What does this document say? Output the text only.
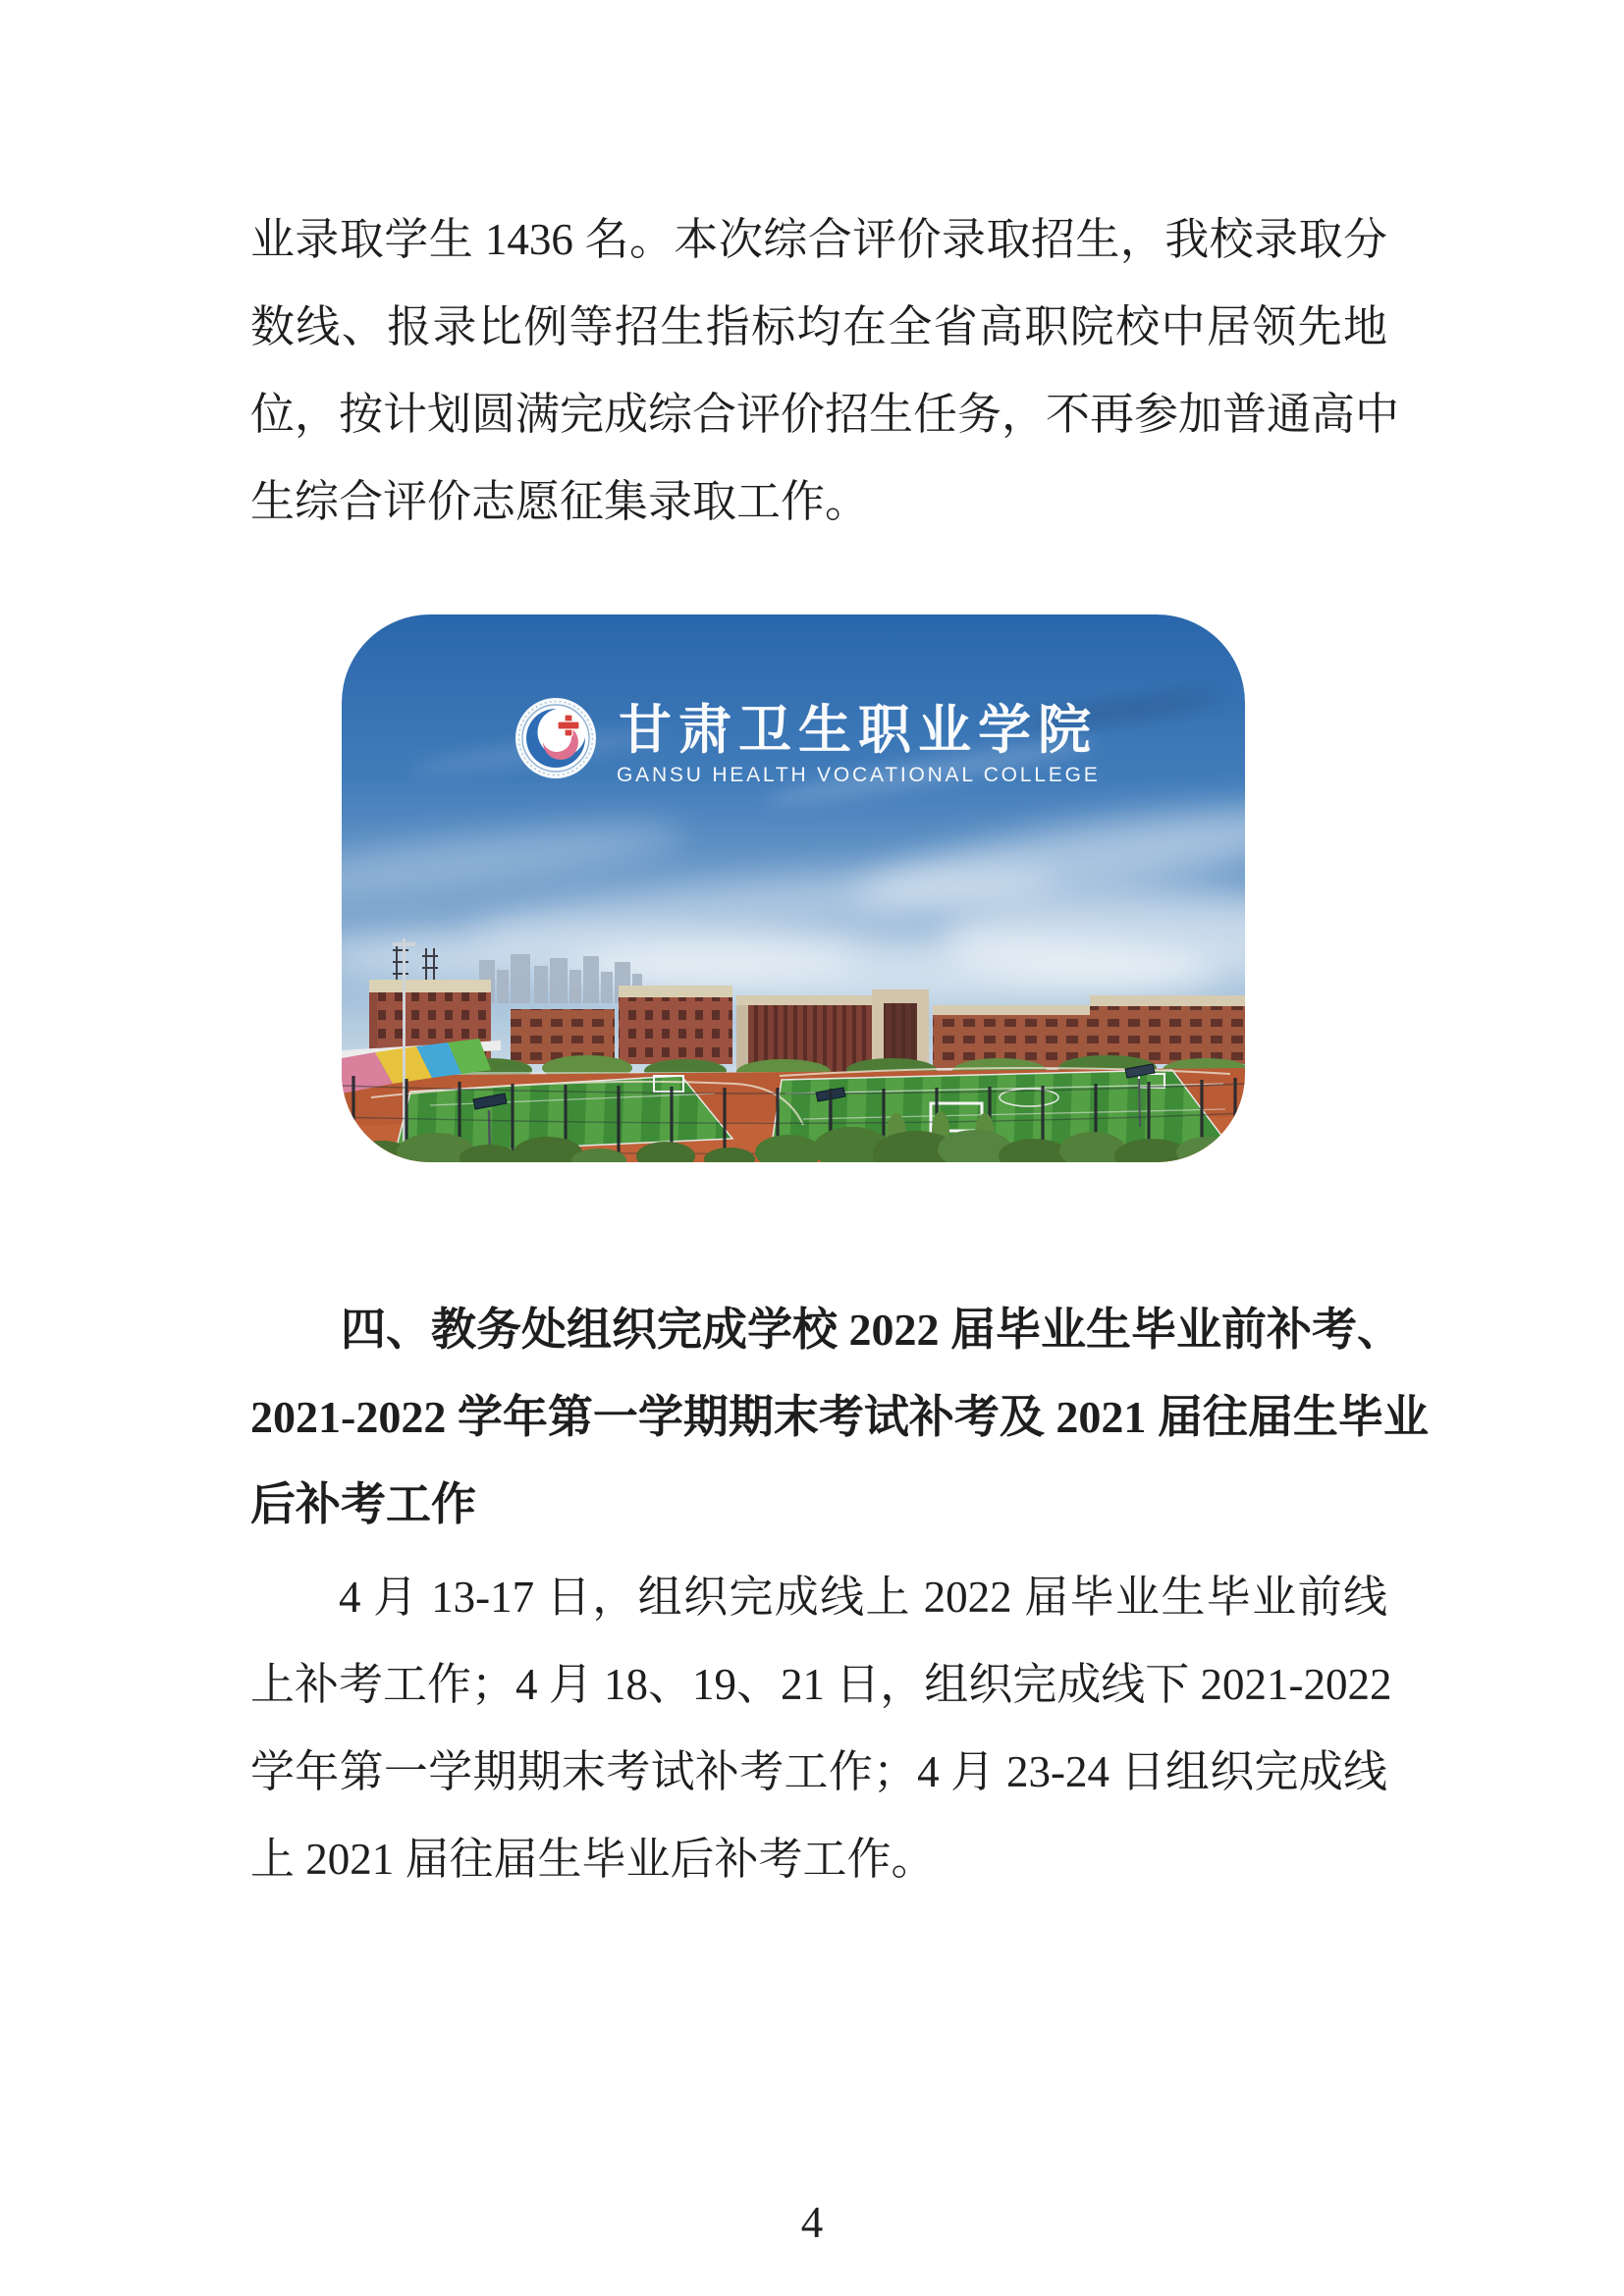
业录取学生 1436 名。本次综合评价录取招生，我校录取分
数线、报录比例等招生指标均在全省高职院校中居领先地
位，按计划圆满完成综合评价招生任务，不再参加普通高中
生综合评价志愿征集录取工作。
甘肃卫生职业学院
GANSU HEALTH VOCATIONAL COLLEGE
四、教务处组织完成学校 2022 届毕业生毕业前补考、
2021-2022 学年第一学期期末考试补考及 2021 届往届生毕业
后补考工作
4 月 13-17 日，组织完成线上 2022 届毕业生毕业前线
上补考工作；4 月 18、19、21 日，组织完成线下 2021-2022
学年第一学期期末考试补考工作；4 月 23-24 日组织完成线
上 2021 届往届生毕业后补考工作。
4
